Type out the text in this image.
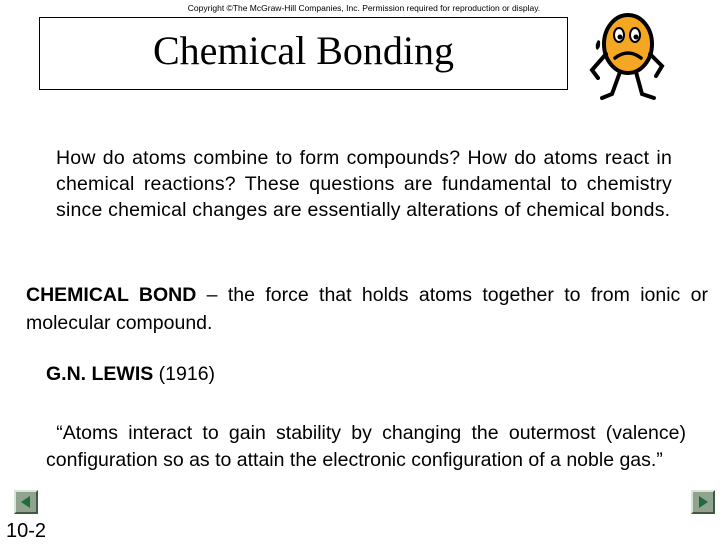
Copyright ©The McGraw-Hill Companies, Inc. Permission required for reproduction or display.
Chemical Bonding
How do atoms combine to form compounds? How do atoms react in chemical reactions? These questions are fundamental to chemistry since chemical changes are essentially alterations of chemical bonds.
CHEMICAL BOND – the force that holds atoms together to from ionic or molecular compound.
G.N. LEWIS (1916)
“Atoms interact to gain stability by changing the outermost (valence) configuration so as to attain the electronic configuration of a noble gas.”
10-2
